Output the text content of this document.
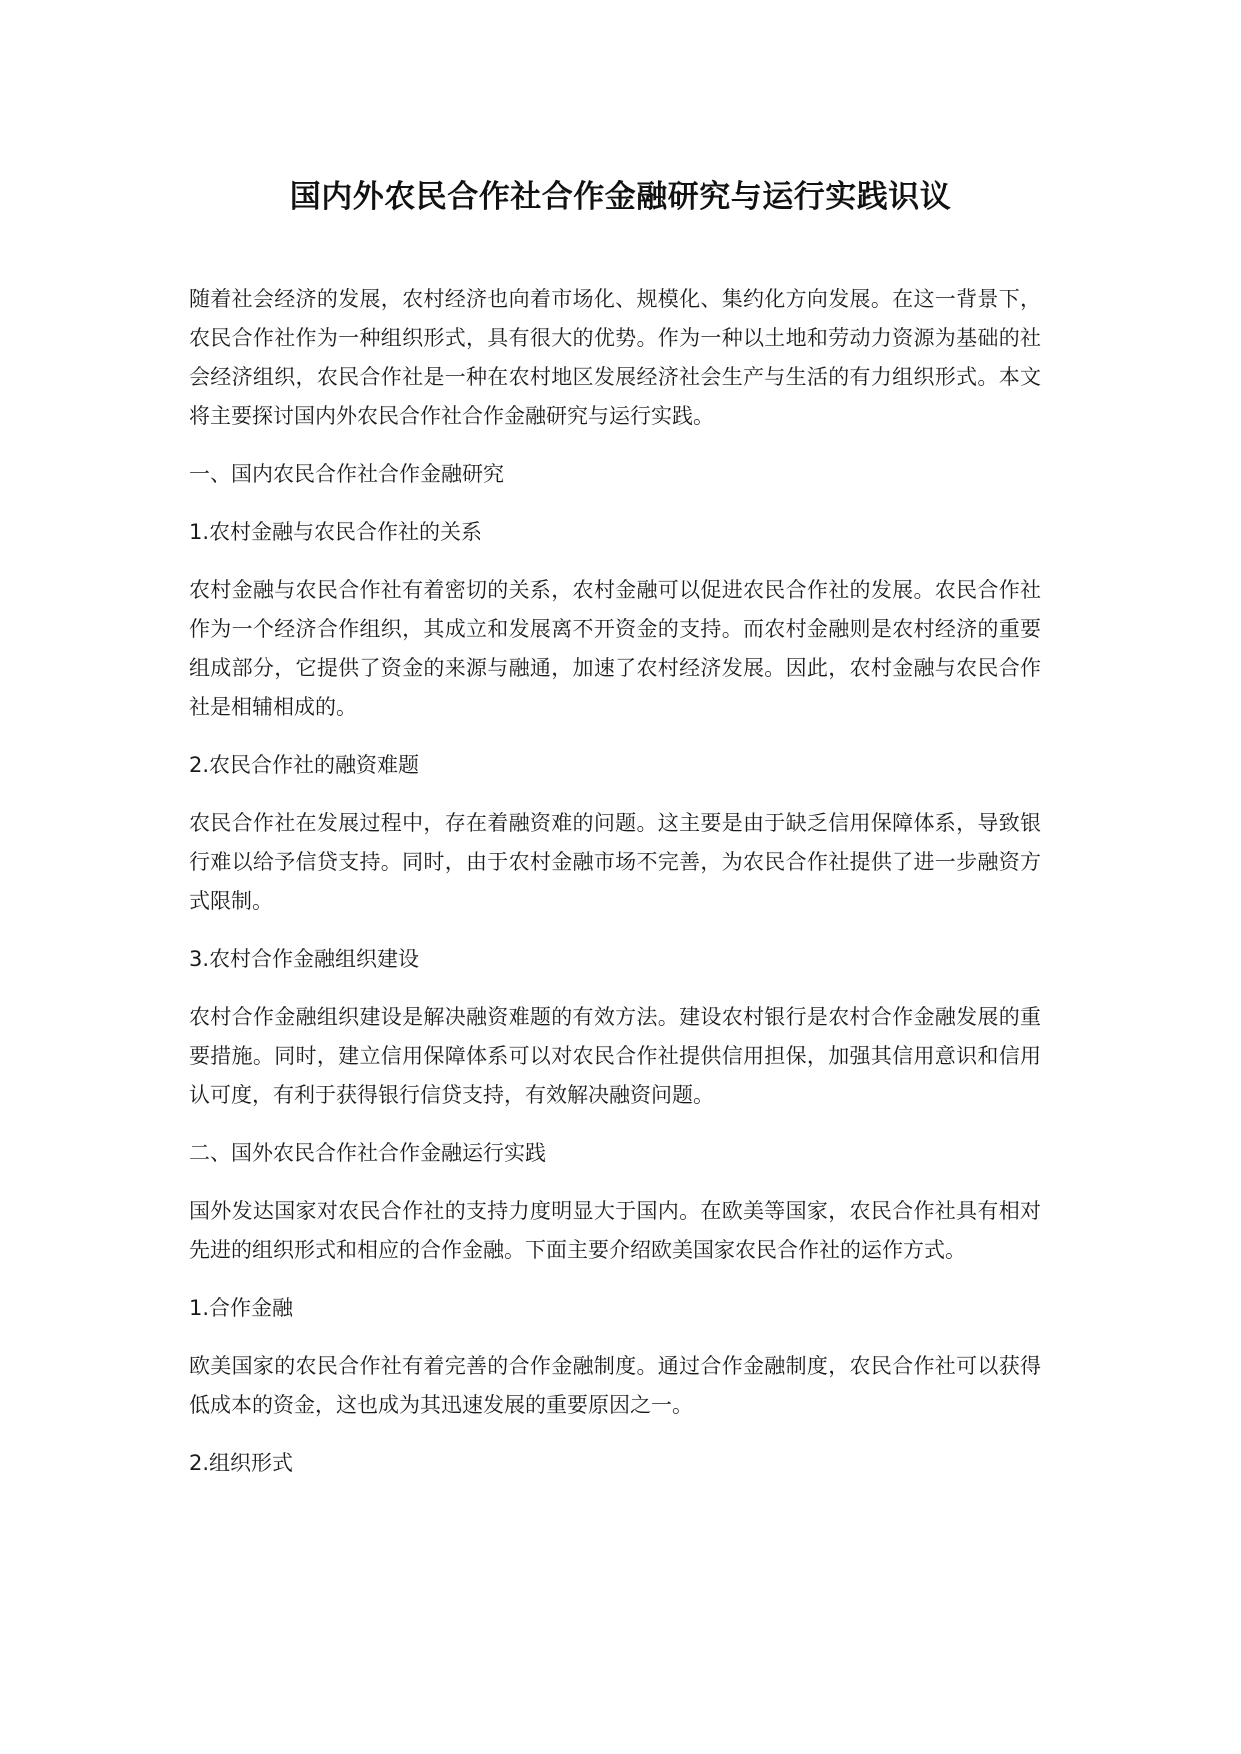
国内外农民合作社合作金融研究与运行实践识议

随着社会经济的发展，农村经济也向着市场化、规模化、集约化方向发展。在这一背景下，农民合作社作为一种组织形式，具有很大的优势。作为一种以土地和劳动力资源为基础的社会经济组织，农民合作社是一种在农村地区发展经济社会生产与生活的有力组织形式。本文将主要探讨国内外农民合作社合作金融研究与运行实践。

一、国内农民合作社合作金融研究

1.农村金融与农民合作社的关系

农村金融与农民合作社有着密切的关系，农村金融可以促进农民合作社的发展。农民合作社作为一个经济合作组织，其成立和发展离不开资金的支持。而农村金融则是农村经济的重要组成部分，它提供了资金的来源与融通，加速了农村经济发展。因此，农村金融与农民合作社是相辅相成的。

2.农民合作社的融资难题

农民合作社在发展过程中，存在着融资难的问题。这主要是由于缺乏信用保障体系，导致银行难以给予信贷支持。同时，由于农村金融市场不完善，为农民合作社提供了进一步融资方式限制。

3.农村合作金融组织建设

农村合作金融组织建设是解决融资难题的有效方法。建设农村银行是农村合作金融发展的重要措施。同时，建立信用保障体系可以对农民合作社提供信用担保，加强其信用意识和信用认可度，有利于获得银行信贷支持，有效解决融资问题。

二、国外农民合作社合作金融运行实践

国外发达国家对农民合作社的支持力度明显大于国内。在欧美等国家，农民合作社具有相对先进的组织形式和相应的合作金融。下面主要介绍欧美国家农民合作社的运作方式。

1.合作金融

欧美国家的农民合作社有着完善的合作金融制度。通过合作金融制度，农民合作社可以获得低成本的资金，这也成为其迅速发展的重要原因之一。

2.组织形式
